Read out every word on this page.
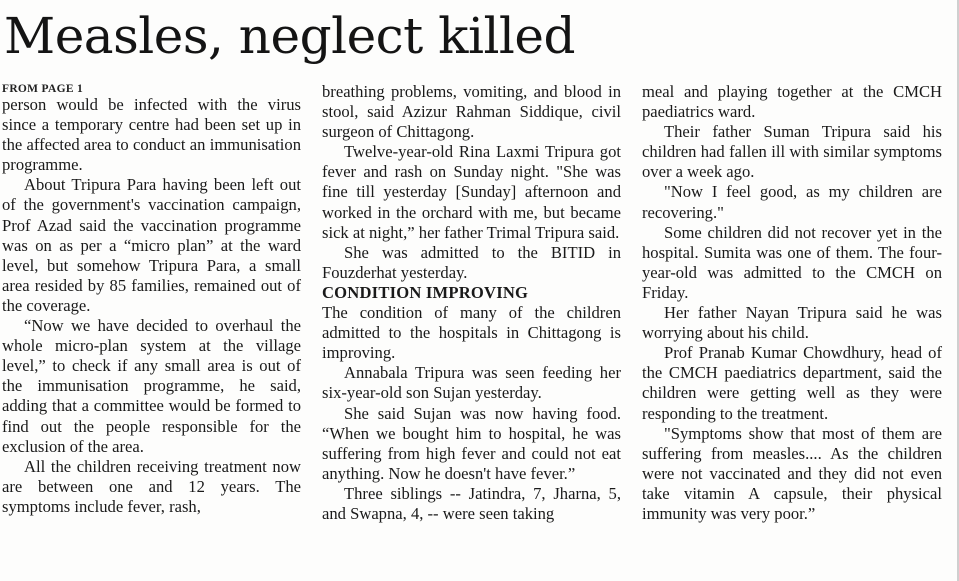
Measles, neglect killed
FROM PAGE 1

person would be infected with the virus since a temporary centre had been set up in the affected area to conduct an immunisation programme.

About Tripura Para having been left out of the government's vaccination campaign, Prof Azad said the vaccination programme was on as per a “micro plan” at the ward level, but somehow Tripura Para, a small area resided by 85 families, remained out of the coverage.

“Now we have decided to overhaul the whole micro-plan system at the village level,” to check if any small area is out of the immunisation programme, he said, adding that a committee would be formed to find out the people responsible for the exclusion of the area.

All the children receiving treatment now are between one and 12 years. The symptoms include fever, rash,

breathing problems, vomiting, and blood in stool, said Azizur Rahman Siddique, civil surgeon of Chittagong.

Twelve-year-old Rina Laxmi Tripura got fever and rash on Sunday night. "She was fine till yesterday [Sunday] afternoon and worked in the orchard with me, but became sick at night,” her father Trimal Tripura said.

She was admitted to the BITID in Fouzderhat yesterday.

CONDITION IMPROVING

The condition of many of the children admitted to the hospitals in Chittagong is improving.

Annabala Tripura was seen feeding her six-year-old son Sujan yesterday.

She said Sujan was now having food. “When we bought him to hospital, he was suffering from high fever and could not eat anything. Now he doesn't have fever.”

Three siblings -- Jatindra, 7, Jharna, 5, and Swapna, 4, -- were seen taking

meal and playing together at the CMCH paediatrics ward.

Their father Suman Tripura said his children had fallen ill with similar symptoms over a week ago.

"Now I feel good, as my children are recovering."

Some children did not recover yet in the hospital. Sumita was one of them. The four-year-old was admitted to the CMCH on Friday.

Her father Nayan Tripura said he was worrying about his child.

Prof Pranab Kumar Chowdhury, head of the CMCH paediatrics department, said the children were getting well as they were responding to the treatment.

"Symptoms show that most of them are suffering from measles.... As the children were not vaccinated and they did not even take vitamin A capsule, their physical immunity was very poor.”
